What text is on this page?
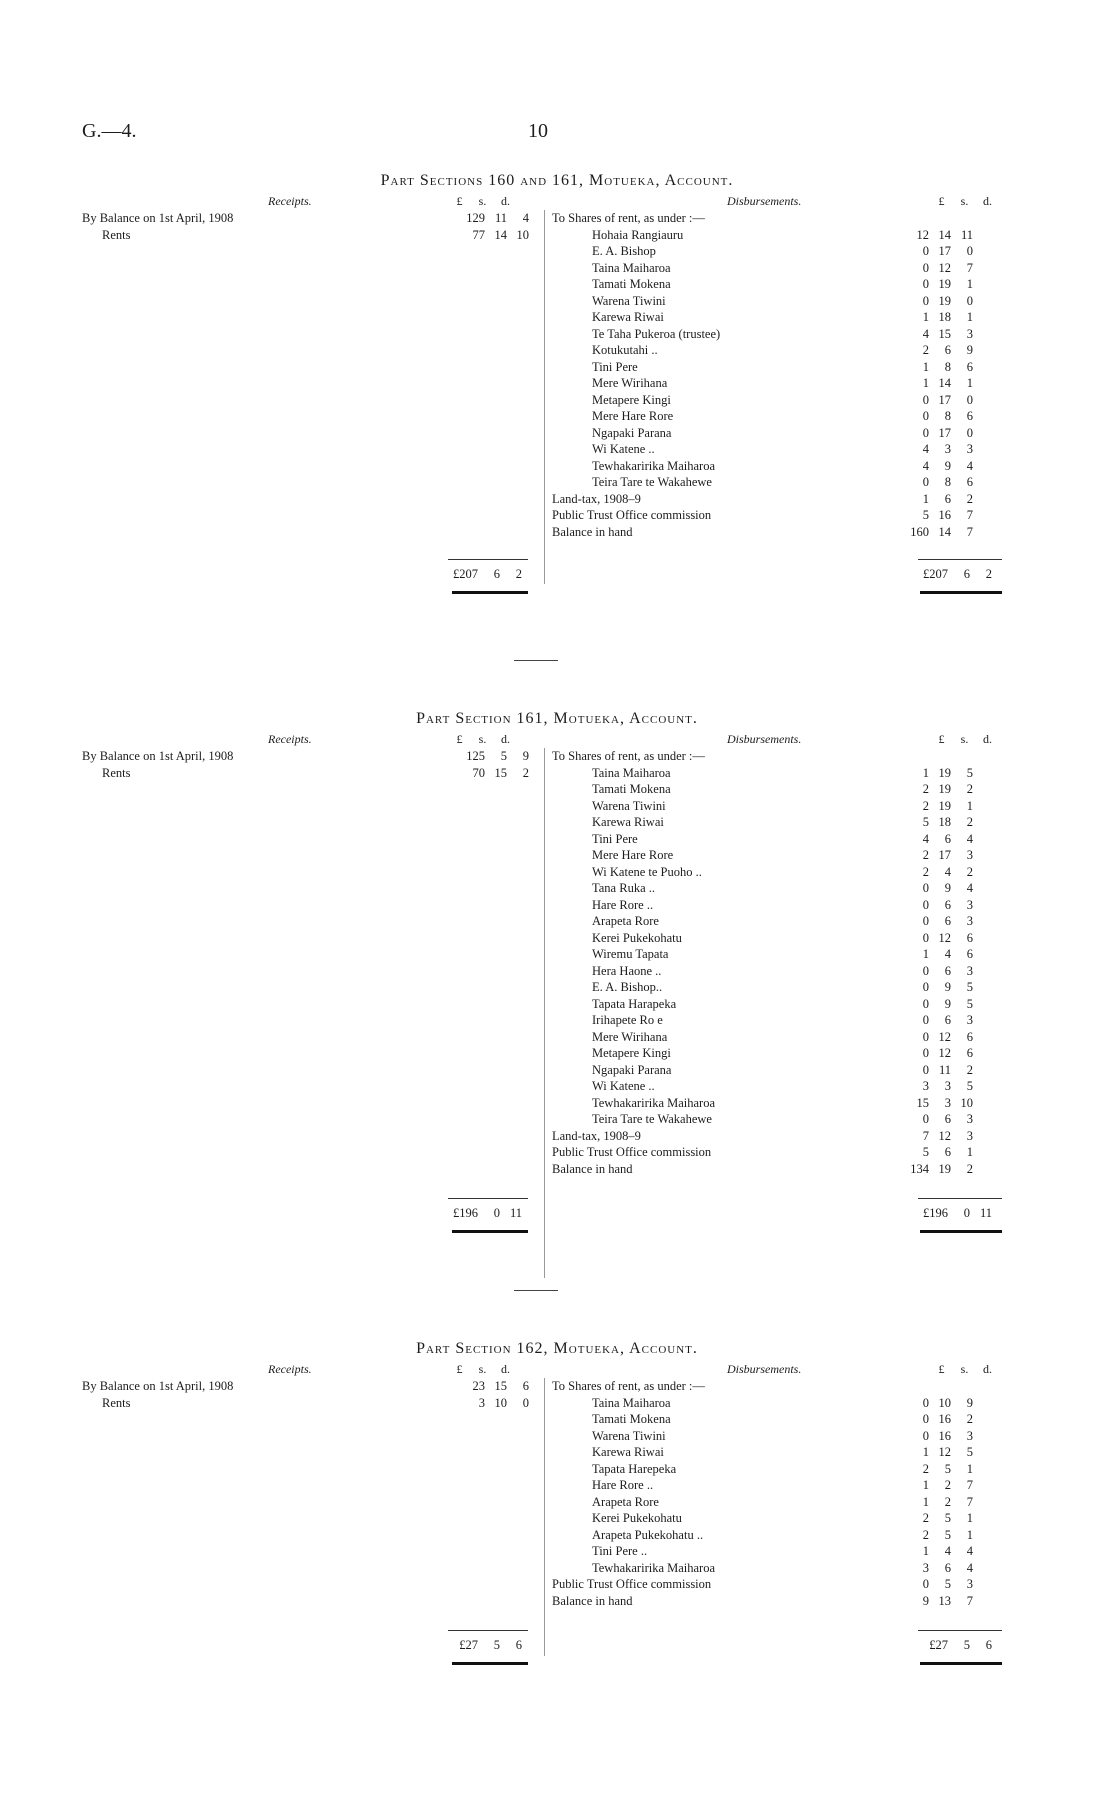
G.—4.	10
Part Sections 160 and 161, Motueka, Account.
Receipts.	£	s.	d.	Disbursements.	£	s.	d.
By Balance on 1st April, 1908	129 11	4
Rents	77 14 10
To Shares of rent, as under :—
Hohaia Rangiauru	12 14 11
E. A. Bishop	0 17	0
Taina Maiharoa	0 12	7
Tamati Mokena	0 19	1
Warena Tiwini	0 19	0
Karewa Riwai	1 18	1
Te Taha Pukeroa (trustee)	4 15	3
Kotukutahi ..	2	6	9
Tini Pere	1	8	6
Mere Wirihana	1 14	1
Metapere Kingi	0 17	0
Mere Hare Rore	0	8	6
Ngapaki Parana	0 17	0
Wi Katene ..	4	3	3
Tewhakaririka Maiharoa	4	9	4
Teira Tare te Wakahewe	0	8	6
Land-tax, 1908–9	1	6	2
Public Trust Office commission	5 16	7
Balance in hand	160 14	7
£207	6	2	£207	6	2
Part Section 161, Motueka, Account.
Receipts.	£	s.	d.	Disbursements.	£	s.	d.
By Balance on 1st April, 1908	125	5	9
Rents	70 15	2
To Shares of rent, as under :—
Taina Maiharoa	1 19	5
Tamati Mokena	2 19	2
Warena Tiwini	2 19	1
Karewa Riwai	5 18	2
Tini Pere	4	6	4
Mere Hare Rore	2 17	3
Wi Katene te Puoho ..	2	4	2
Tana Ruka ..	0	9	4
Hare Rore ..	0	6	3
Arapeta Rore	0	6	3
Kerei Pukekohatu	0 12	6
Wiremu Tapata	1	4	6
Hera Haone ..	0	6	3
E. A. Bishop..	0	9	5
Tapata Harapeka	0	9	5
Irihapete Ro e	0	6	3
Mere Wirihana	0 12	6
Metapere Kingi	0 12	6
Ngapaki Parana	0 11	2
Wi Katene ..	3	3	5
Tewhakaririka Maiharoa	15	3 10
Teira Tare te Wakahewe	0	6	3
Land-tax, 1908–9	7 12	3
Public Trust Office commission	5	6	1
Balance in hand	134 19	2
£196	0 11	£196	0 11
Part Section 162, Motueka, Account.
Receipts.	£	s.	d.	Disbursements.	£	s.	d.
By Balance on 1st April, 1908	23 15	6
Rents	3 10	0
To Shares of rent, as under :—
Taina Maiharoa	0 10	9
Tamati Mokena	0 16	2
Warena Tiwini	0 16	3
Karewa Riwai	1 12	5
Tapata Harepeka	2	5	1
Hare Rore ..	1	2	7
Arapeta Rore	1	2	7
Kerei Pukekohatu	2	5	1
Arapeta Pukekohatu ..	2	5	1
Tini Pere ..	1	4	4
Tewhakaririka Maiharoa	3	6	4
Public Trust Office commission	0	5	3
Balance in hand	9 13	7
£27	5	6	£27	5	6
